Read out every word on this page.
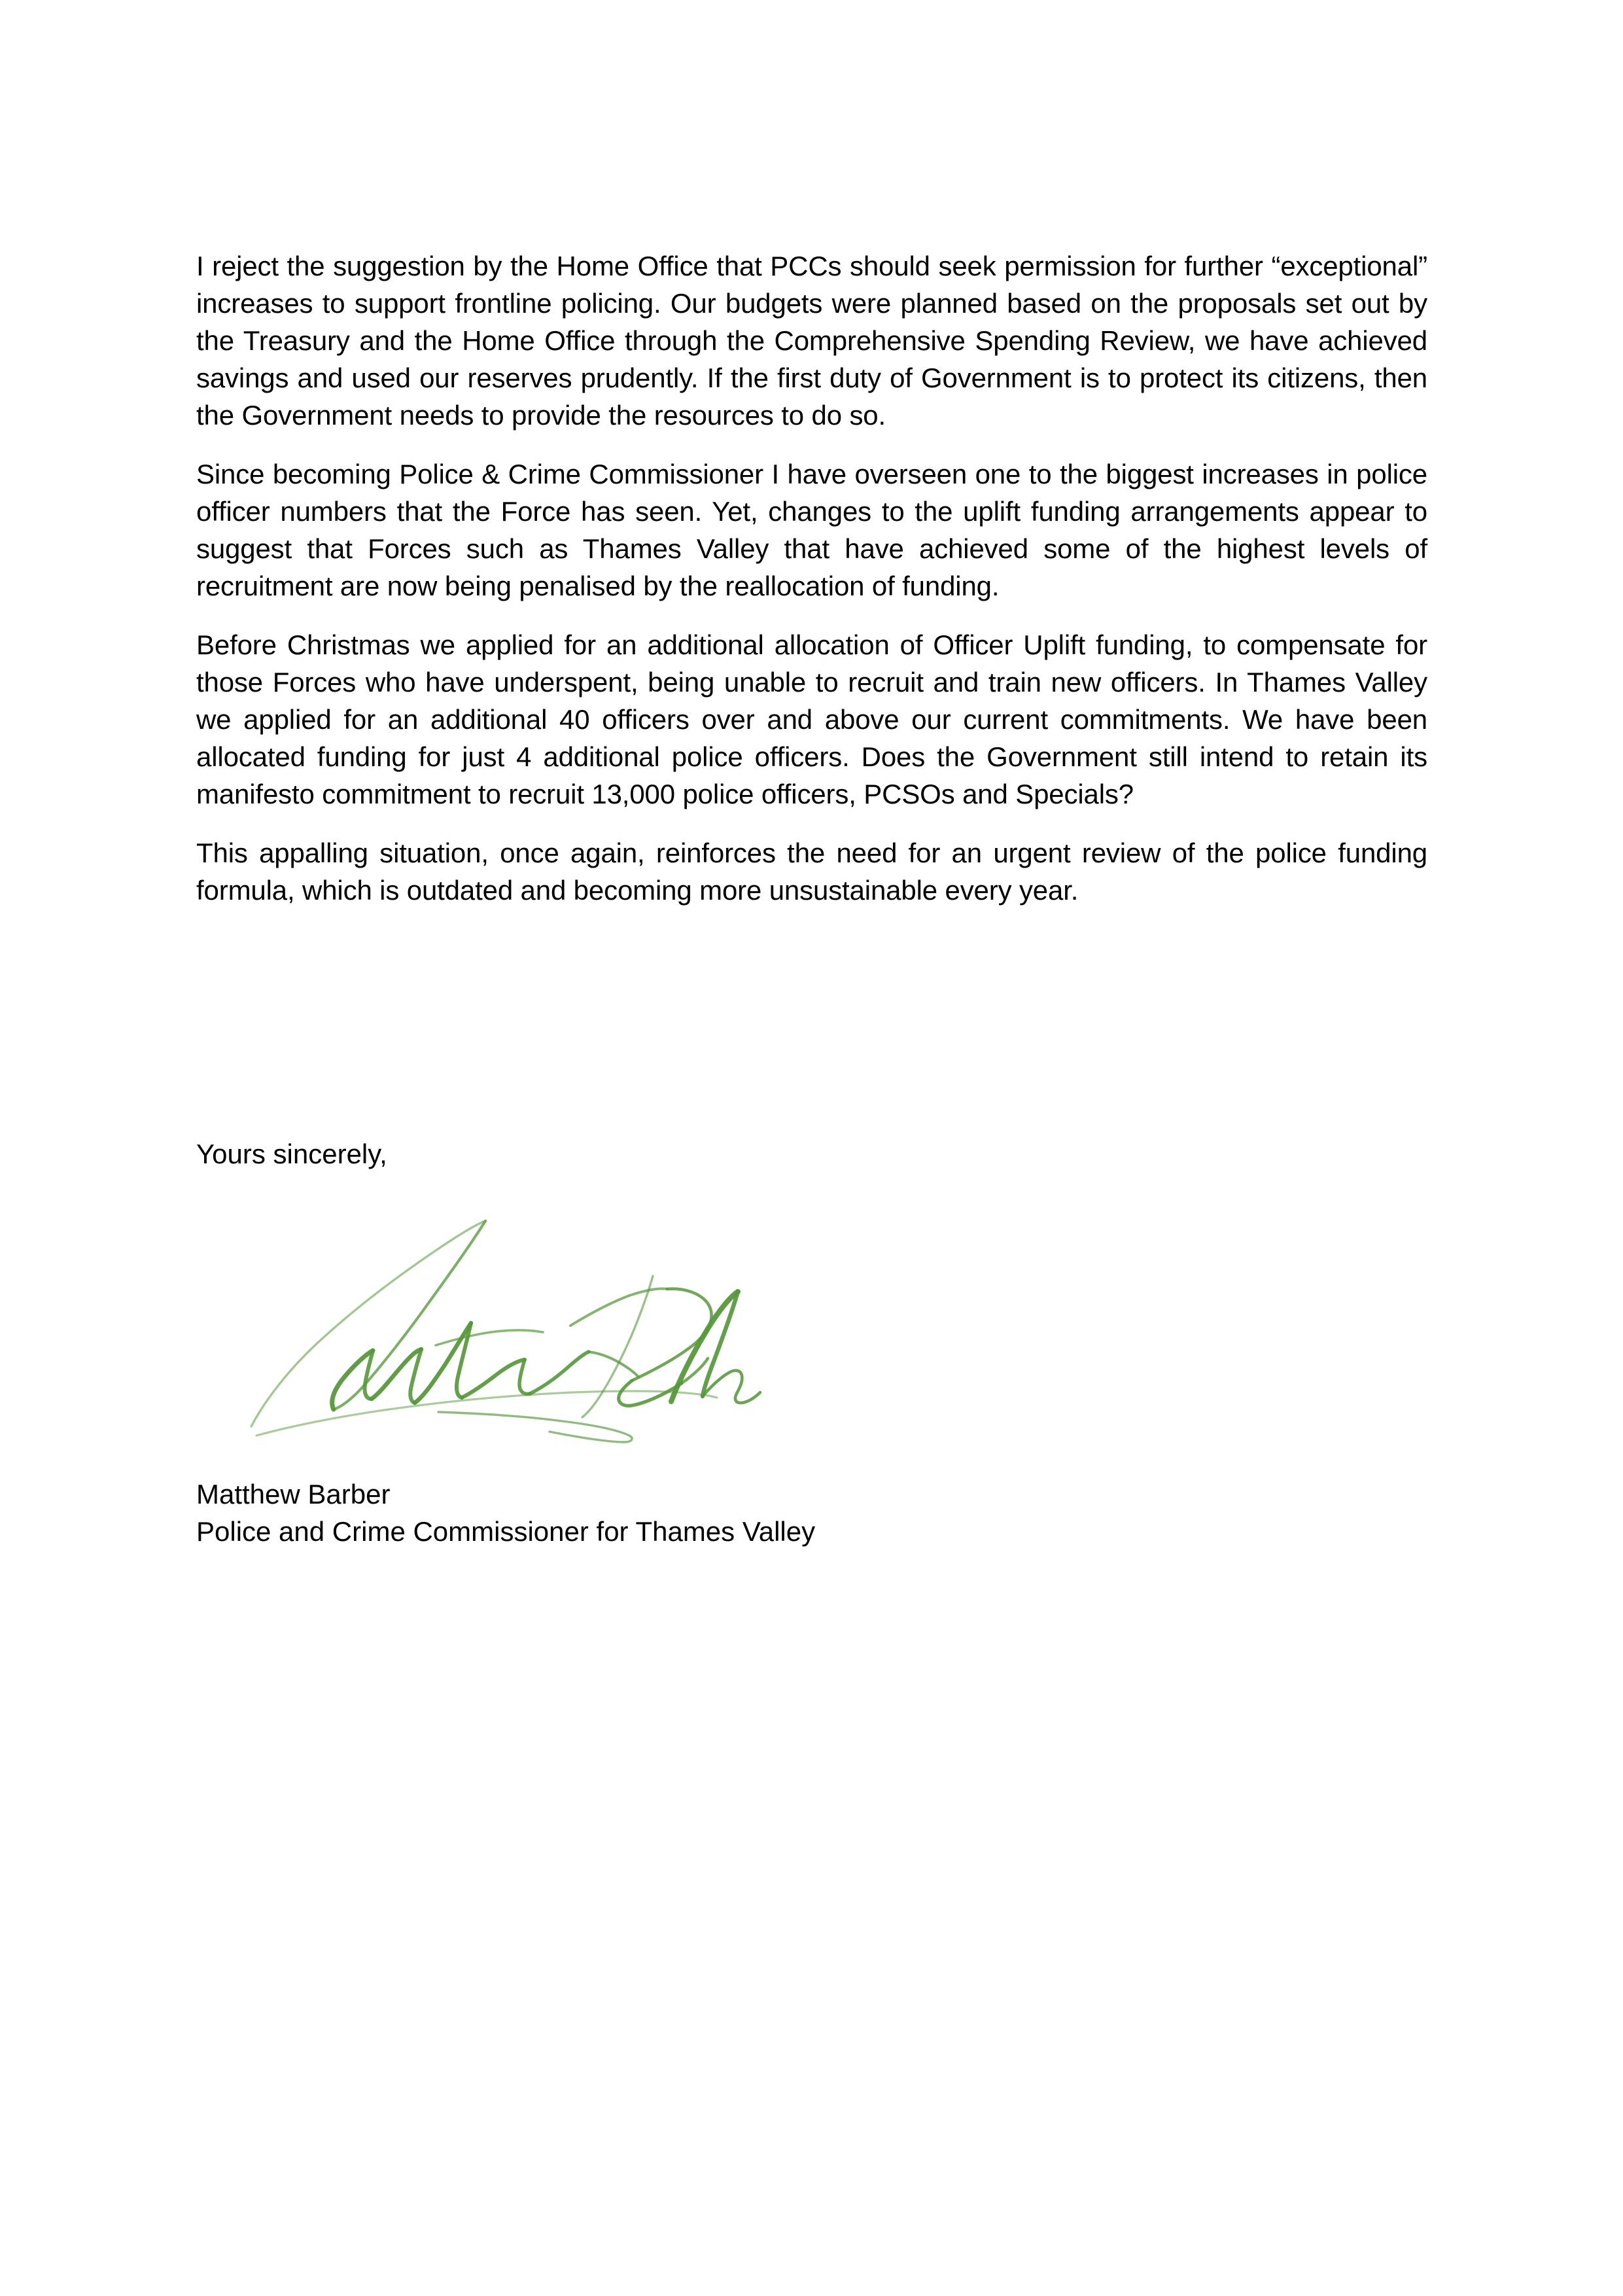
I reject the suggestion by the Home Office that PCCs should seek permission for further “exceptional” increases to support frontline policing. Our budgets were planned based on the proposals set out by the Treasury and the Home Office through the Comprehensive Spending Review, we have achieved savings and used our reserves prudently. If the first duty of Government is to protect its citizens, then the Government needs to provide the resources to do so.

Since becoming Police & Crime Commissioner I have overseen one to the biggest increases in police officer numbers that the Force has seen. Yet, changes to the uplift funding arrangements appear to suggest that Forces such as Thames Valley that have achieved some of the highest levels of recruitment are now being penalised by the reallocation of funding.

Before Christmas we applied for an additional allocation of Officer Uplift funding, to compensate for those Forces who have underspent, being unable to recruit and train new officers. In Thames Valley we applied for an additional 40 officers over and above our current commitments. We have been allocated funding for just 4 additional police officers. Does the Government still intend to retain its manifesto commitment to recruit 13,000 police officers, PCSOs and Specials?

This appalling situation, once again, reinforces the need for an urgent review of the police funding formula, which is outdated and becoming more unsustainable every year.

Yours sincerely,

Matthew Barber

Police and Crime Commissioner for Thames Valley
